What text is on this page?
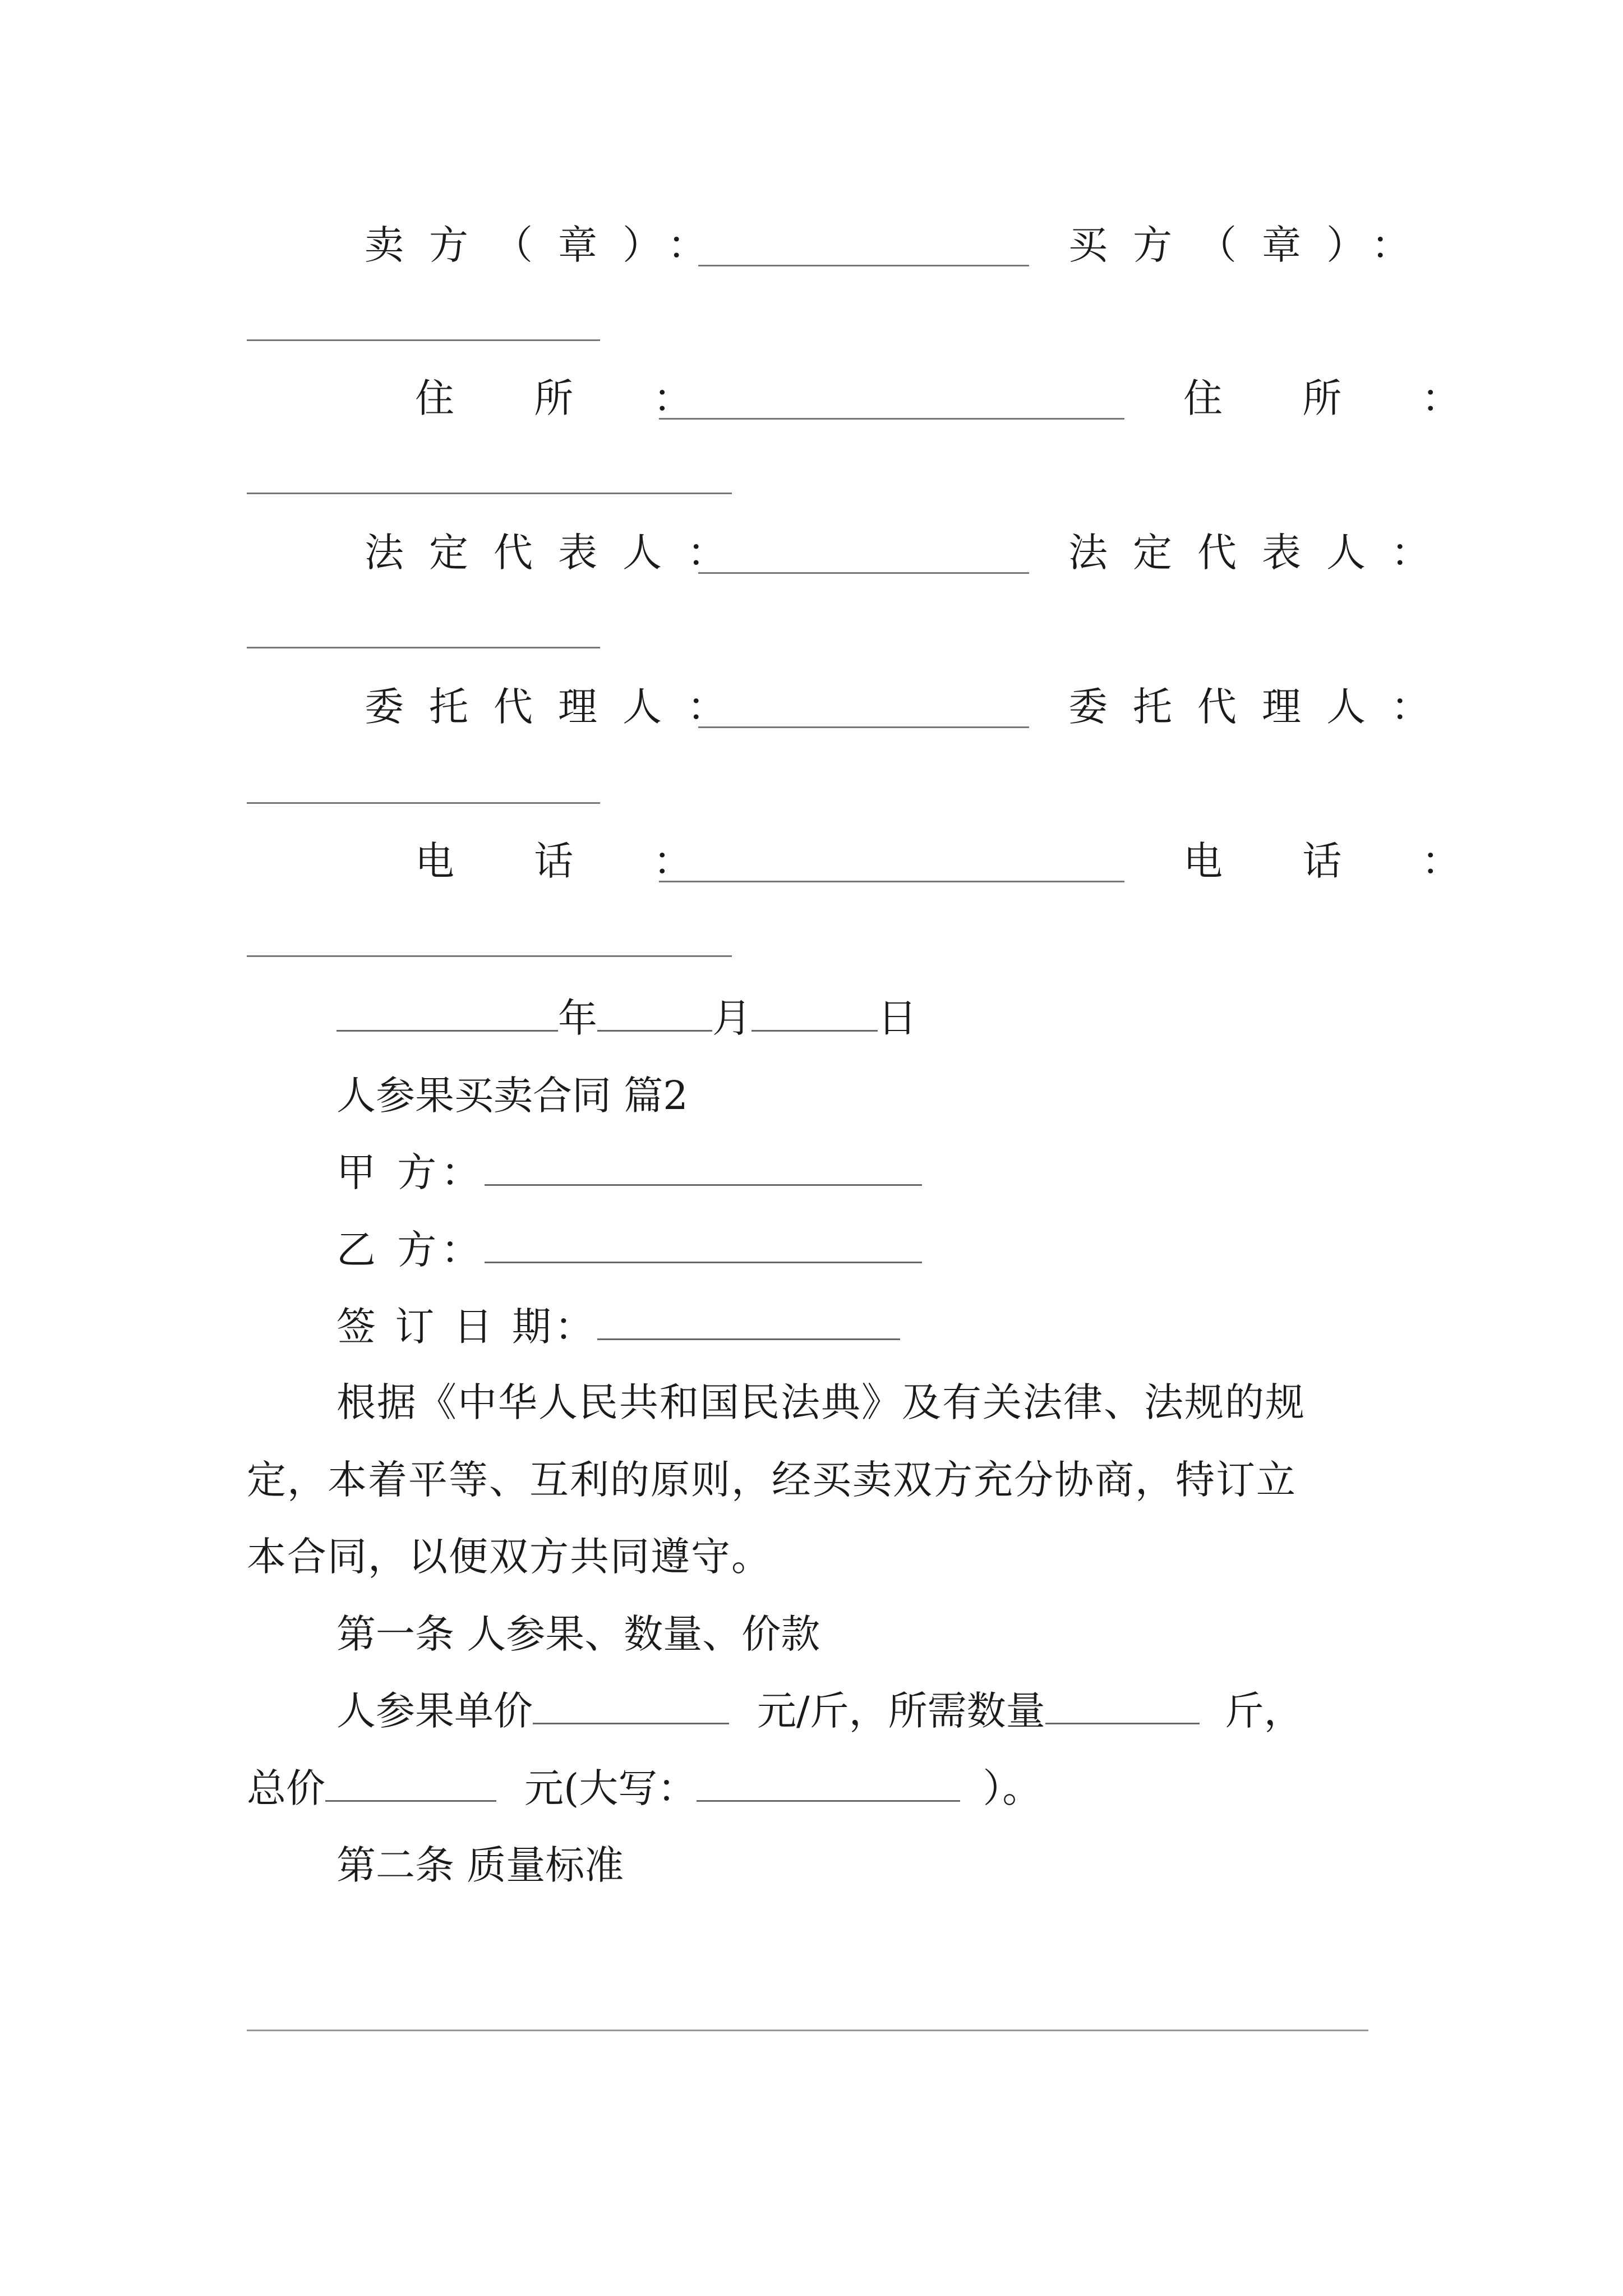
卖方（章）：	买方（章）：
住 所 ：	住 所 ：
法定代表人：	法定代表人：
委托代理人：	委托代理人：
电 话 ：	电 话 ：
年	月	日
人参果买卖合同 篇2
甲 方：
乙 方：
签 订 日 期：
根据《中华人民共和国民法典》及有关法律、法规的规
定，本着平等、互利的原则，经买卖双方充分协商，特订立
本合同，以便双方共同遵守。
第一条 人参果、数量、价款
人参果单价	元/斤，所需数量	斤，
总价	元(大写：	）。
第二条 质量标准
